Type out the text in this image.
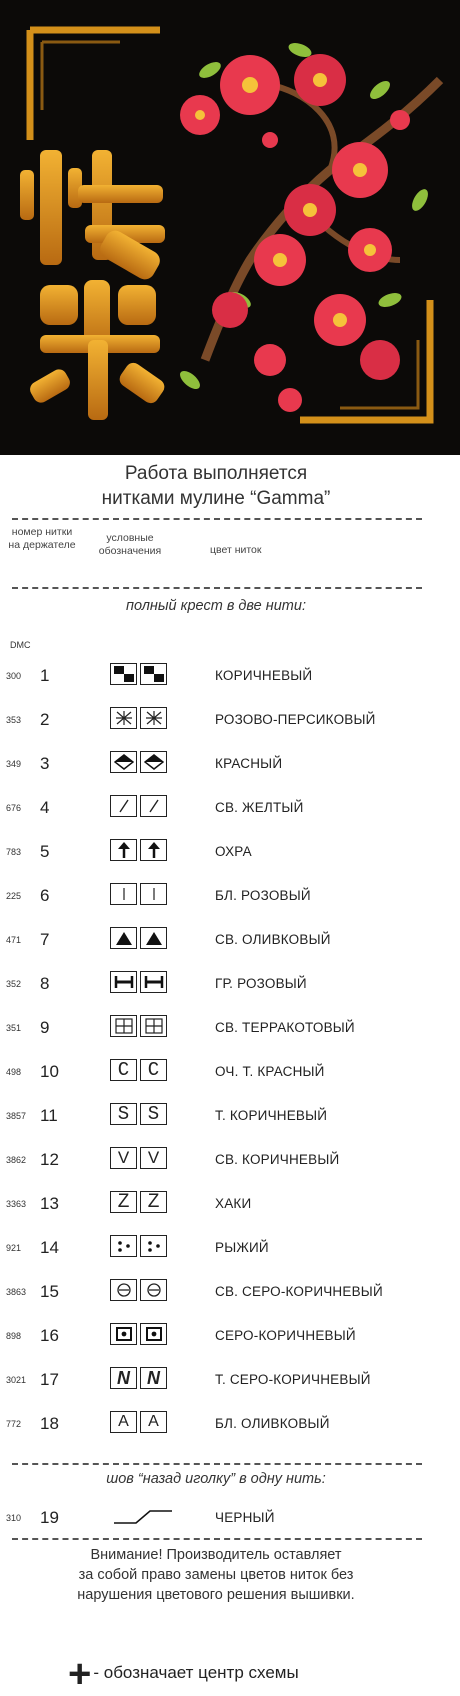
Работа выполняется
нитками мулине “Gamma”
номер нитки на держателе
условные обозначения	цвет ниток
полный крест в две нити:
DMC
300	1	КОРИЧНЕВЫЙ
353	2	РОЗОВО-ПЕРСИКОВЫЙ
349	3	КРАСНЫЙ
676	4	СВ. ЖЕЛТЫЙ
783	5	ОХРА
225	6	БЛ. РОЗОВЫЙ
471	7	СВ. ОЛИВКОВЫЙ
352	8	ГР. РОЗОВЫЙ
351	9	СВ. ТЕРРАКОТОВЫЙ
498	10	C C	ОЧ. Т. КРАСНЫЙ
3857 11	S S	Т. КОРИЧНЕВЫЙ
3862 12	V	V	СВ. КОРИЧНЕВЫЙ
3363 13	Z Z	ХАКИ
921	14	РЫЖИЙ
3863 15	СВ. СЕРО-КОРИЧНЕВЫЙ
898	16	СЕРО-КОРИЧНЕВЫЙ
3021 17	N N	Т. СЕРО-КОРИЧНЕВЫЙ
772	18	A	A	БЛ. ОЛИВКОВЫЙ
шов “назад иголку” в одну нить:
310	19	ЧЕРНЫЙ
Внимание! Производитель оставляет
за собой право замены цветов ниток без
нарушения цветового решения вышивки.
+ - обозначает центр схемы
